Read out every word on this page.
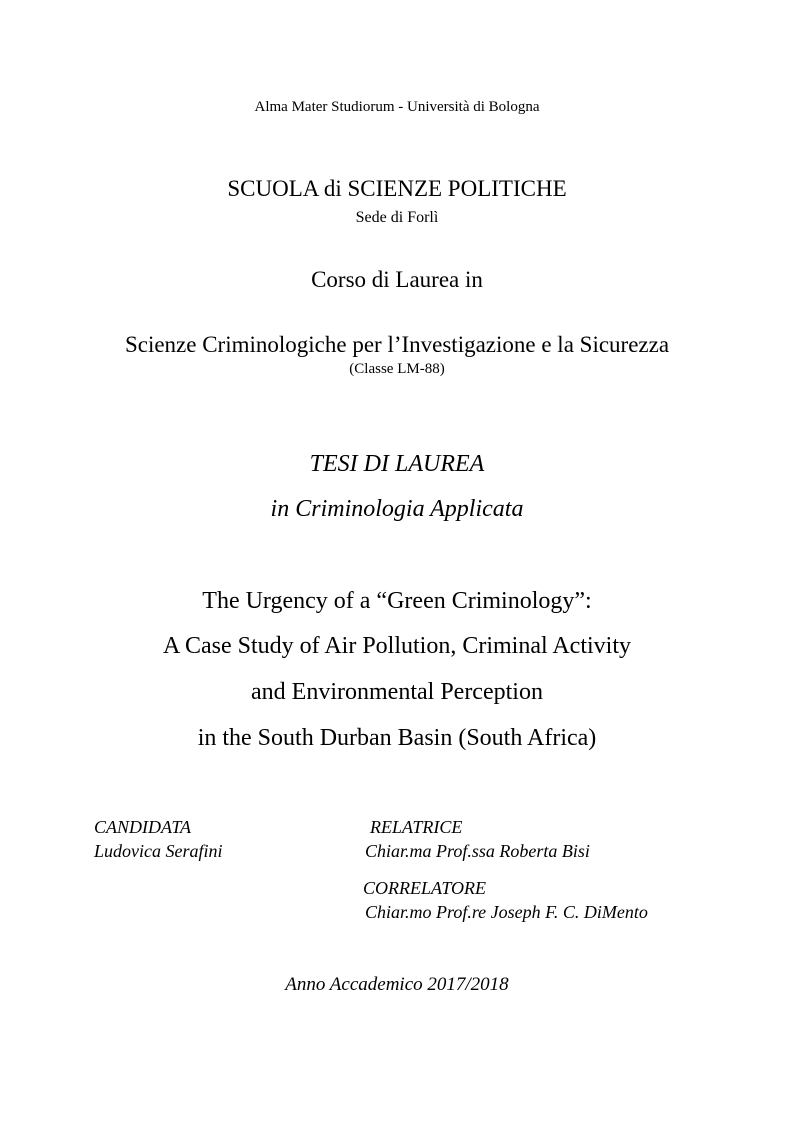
Alma Mater Studiorum - Università di Bologna
SCUOLA di SCIENZE POLITICHE
Sede di Forlì
Corso di Laurea in
Scienze Criminologiche per l’Investigazione e la Sicurezza
(Classe LM-88)
TESI DI LAUREA
in Criminologia Applicata
The Urgency of a “Green Criminology”:
A Case Study of Air Pollution, Criminal Activity
and Environmental Perception
in the South Durban Basin (South Africa)
CANDIDATA
Ludovica Serafini
RELATRICE
Chiar.ma Prof.ssa Roberta Bisi
CORRELATORE
Chiar.mo Prof.re Joseph F. C. DiMento
Anno Accademico 2017/2018
